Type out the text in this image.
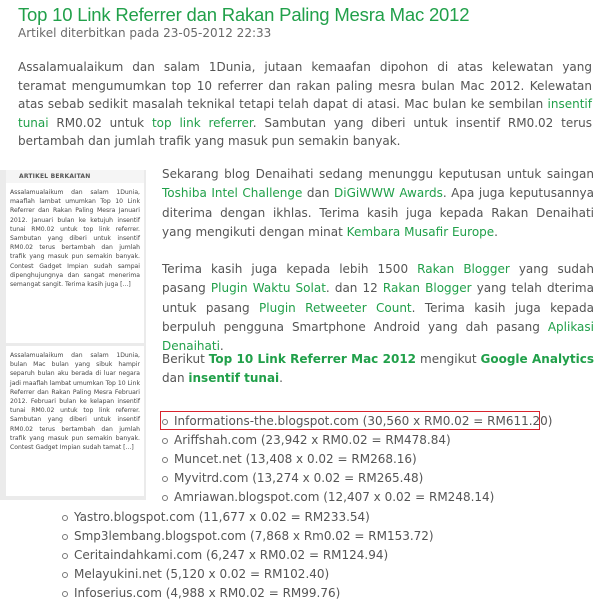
Top 10 Link Referrer dan Rakan Paling Mesra Mac 2012
Artikel diterbitkan pada 23-05-2012 22:33
Assalamualaikum dan salam 1Dunia, jutaan kemaafan dipohon di atas kelewatan yang teramat mengumumkan top 10 referrer dan rakan paling mesra bulan Mac 2012. Kelewatan atas sebab sedikit masalah teknikal tetapi telah dapat di atasi. Mac bulan ke sembilan insentif tunai RM0.02 untuk top link referrer. Sambutan yang diberi untuk insentif RM0.02 terus bertambah dan jumlah trafik yang masuk pun semakin banyak.
ARTIKEL BERKAITAN
Assalamualaikum dan salam 1Dunia, maaflah lambat umumkan Top 10 Link Referrer dan Rakan Paling Mesra Januari 2012. Januari bulan ke ketujuh insentif tunai RM0.02 untuk top link referrer. Sambutan yang diberi untuk insentif RM0.02 terus bertambah dan jumlah trafik yang masuk pun semakin banyak. Contest Gadget Impian sudah sampai dipenghujungnya dan sangat menerima semangat sangit. Terima kasih juga [...]
Assalamualaikum dan salam 1Dunia, bulan Mac bulan yang sibuk hampir separuh bulan aku berada di luar negara jadi maaflah lambat umumkan Top 10 Link Referrer dan Rakan Paling Mesra Februari 2012. Februari bulan ke kelapan insentif tunai RM0.02 untuk top link referrer. Sambutan yang diberi untuk insentif RM0.02 terus bertambah dan jumlah trafik yang masuk pun semakin banyak. Contest Gadget Impian sudah tamat [...]
Sekarang blog Denaihati sedang menunggu keputusan untuk saingan Toshiba Intel Challenge dan DiGiWWW Awards. Apa juga keputusannya diterima dengan ikhlas. Terima kasih juga kepada Rakan Denaihati yang mengikuti dengan minat Kembara Musafir Europe.
Terima kasih juga kepada lebih 1500 Rakan Blogger yang sudah pasang Plugin Waktu Solat. dan 12 Rakan Blogger yang telah dterima untuk pasang Plugin Retweeter Count. Terima kasih juga kepada berpuluh pengguna Smartphone Android yang dah pasang Aplikasi Denaihati.
Berikut Top 10 Link Referrer Mac 2012 mengikut Google Analytics dan insentif tunai.
Informations-the.blogspot.com (30,560 x RM0.02 = RM611.20)
Ariffshah.com (23,942 x RM0.02 = RM478.84)
Muncet.net (13,408 x 0.02 = RM268.16)
Myvitrd.com (13,274 x 0.02 = RM265.48)
Amriawan.blogspot.com (12,407 x 0.02 = RM248.14)
Yastro.blogspot.com (11,677 x 0.02 = RM233.54)
Smp3lembang.blogspot.com (7,868 x Rm0.02 = RM153.72)
Ceritaindahkami.com (6,247 x RM0.02 = RM124.94)
Melayukini.net (5,120 x 0.02 = RM102.40)
Infoserius.com (4,988 x RM0.02 = RM99.76)
